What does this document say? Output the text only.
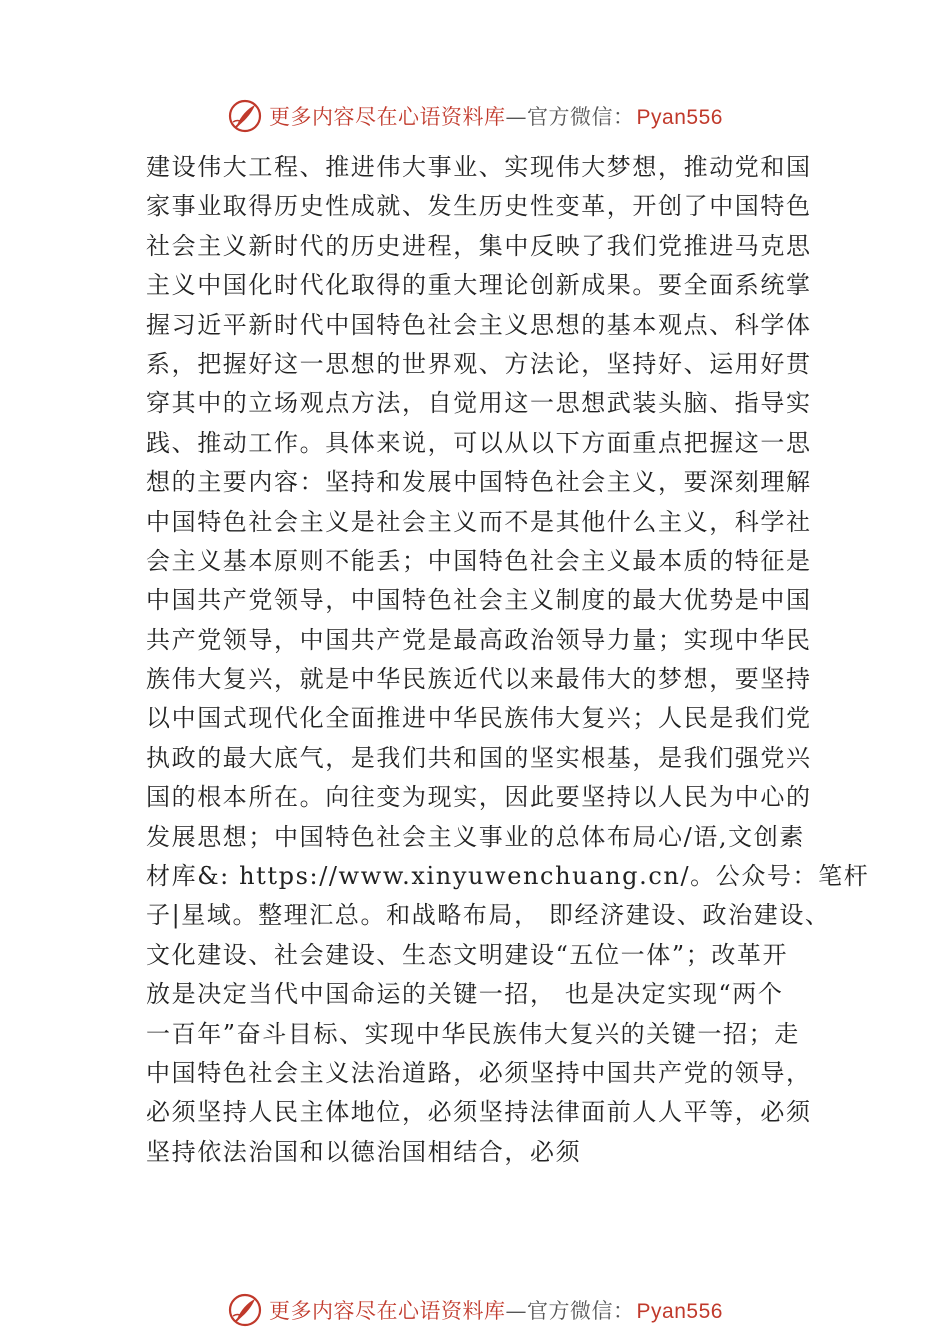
更多内容尽在心语资料库—官方微信：Pyan556
建设伟大工程、推进伟大事业、实现伟大梦想，推动党和国
家事业取得历史性成就、发生历史性变革，开创了中国特色
社会主义新时代的历史进程，集中反映了我们党推进马克思
主义中国化时代化取得的重大理论创新成果。要全面系统掌
握习近平新时代中国特色社会主义思想的基本观点、科学体
系，把握好这一思想的世界观、方法论，坚持好、运用好贯
穿其中的立场观点方法，自觉用这一思想武装头脑、指导实
践、推动工作。具体来说，可以从以下方面重点把握这一思
想的主要内容：坚持和发展中国特色社会主义，要深刻理解
中国特色社会主义是社会主义而不是其他什么主义，科学社
会主义基本原则不能丢；中国特色社会主义最本质的特征是
中国共产党领导，中国特色社会主义制度的最大优势是中国
共产党领导，中国共产党是最高政治领导力量；实现中华民
族伟大复兴，就是中华民族近代以来最伟大的梦想，要坚持
以中国式现代化全面推进中华民族伟大复兴；人民是我们党
执政的最大底气，是我们共和国的坚实根基，是我们强党兴
国的根本所在。向往变为现实，因此要坚持以人民为中心的
发展思想；中国特色社会主义事业的总体布局心/语,文创素
材库&: https://www.xinyuwenchuang.cn/。公众号：笔杆
子|星域。整理汇总。和战略布局， 即经济建设、政治建设、
文化建设、社会建设、生态文明建设“五位一体”；改革开
放是决定当代中国命运的关键一招， 也是决定实现“两个
一百年”奋斗目标、实现中华民族伟大复兴的关键一招；走
中国特色社会主义法治道路，必须坚持中国共产党的领导，
必须坚持人民主体地位，必须坚持法律面前人人平等，必须
坚持依法治国和以德治国相结合，必须
更多内容尽在心语资料库—官方微信：Pyan556
